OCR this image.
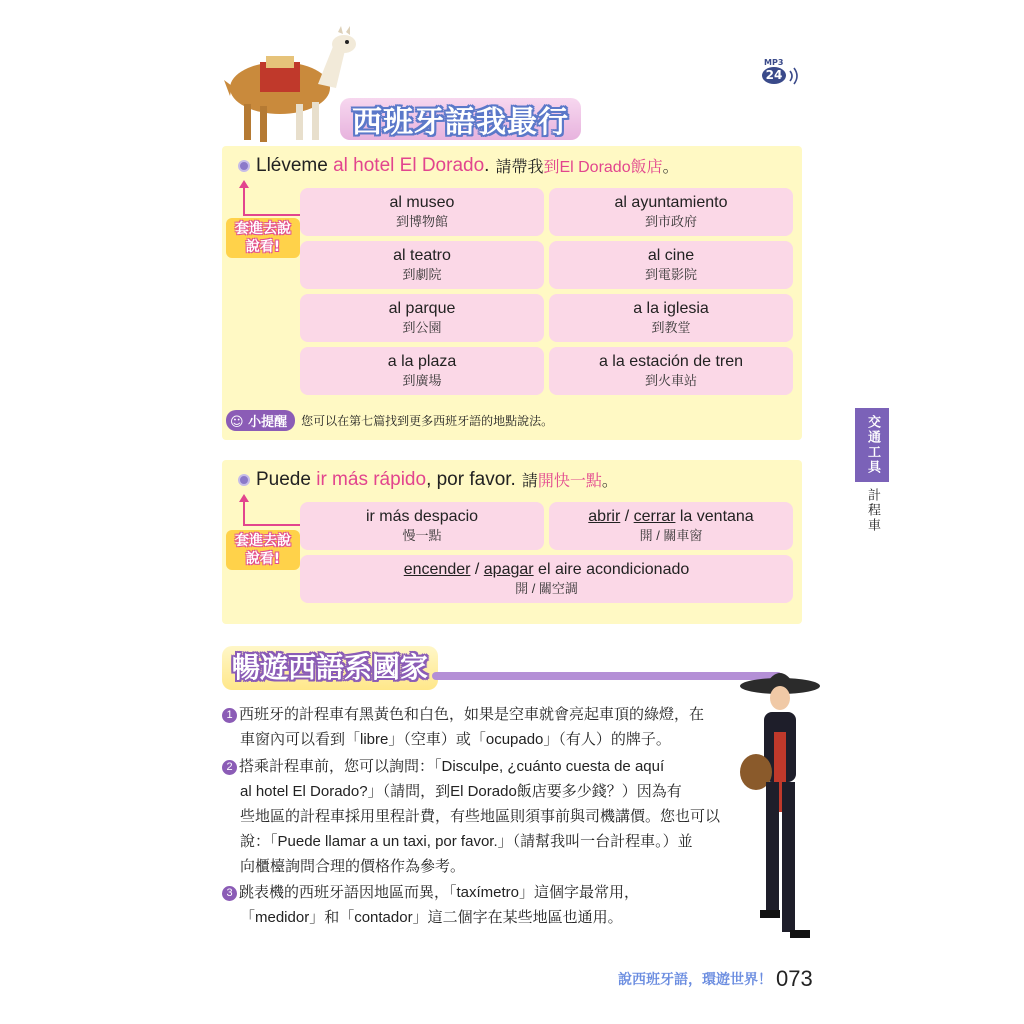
西班牙語我最行
MP3
24
Lléveme al hotel El Dorado. 請帶我到El Dorado飯店。
套進去說說看!
al museo
到博物館
al ayuntamiento
到市政府
al teatro
到劇院
al cine
到電影院
al parque
到公園
a la iglesia
到教堂
a la plaza
到廣場
a la estación de tren
到火車站
☺ 小提醒	您可以在第七篇找到更多西班牙語的地點說法。
Puede ir más rápido, por favor. 請開快一點。
套進去說說看!
ir más despacio
慢一點
abrir / cerrar la ventana
開 / 關車窗
encender / apagar el aire acondicionado
開 / 關空調
交通工具
計程車
暢遊西語系國家
1 西班牙的計程車有黑黃色和白色，如果是空車就會亮起車頂的綠燈，在
車窗內可以看到「libre」（空車）或「ocupado」（有人）的牌子。
2 搭乘計程車前，您可以詢問：「Disculpe, ¿cuánto cuesta de aquí
al hotel El Dorado?」（請問，到El Dorado飯店要多少錢？）因為有
些地區的計程車採用里程計費，有些地區則須事前與司機講價。您也可以
說：「Puede llamar a un taxi, por favor.」（請幫我叫一台計程車。）並
向櫃檯詢問合理的價格作為參考。
3 跳表機的西班牙語因地區而異，「taxímetro」這個字最常用，
「medidor」和「contador」這二個字在某些地區也通用。
說西班牙語，環遊世界！ 073
